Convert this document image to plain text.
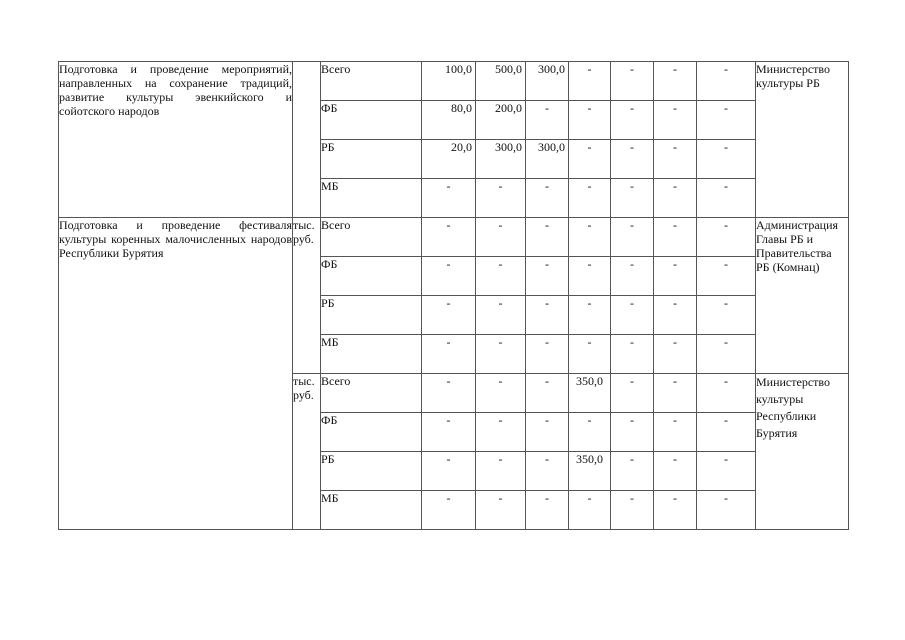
Подготовка и проведение мероприятий, направленных на сохранение традиций, развитие культуры эвенкийского и сойотского народов		Всего	100,0	500,0	300,0	-	-	-	-	Министерство культуры РБ
		ФБ	80,0	200,0	-	-	-	-	-	
		РБ	20,0	300,0	300,0	-	-	-	-	
		МБ	-	-	-	-	-	-	-	
Подготовка и проведение фестиваля культуры коренных малочисленных народов Республики Бурятия	тыс. руб.	Всего	-	-	-	-	-	-	-	Администрация Главы РБ и Правительства РБ (Комнац)
		ФБ	-	-	-	-	-	-	-	
		РБ	-	-	-	-	-	-	-	
		МБ	-	-	-	-	-	-	-	
	тыс. руб.	Всего	-	-	-	350,0	-	-	-	Министерство культуры Республики Бурятия
		ФБ	-	-	-	-	-	-	-	
		РБ	-	-	-	350,0	-	-	-	
		МБ	-	-	-	-	-	-	-	
